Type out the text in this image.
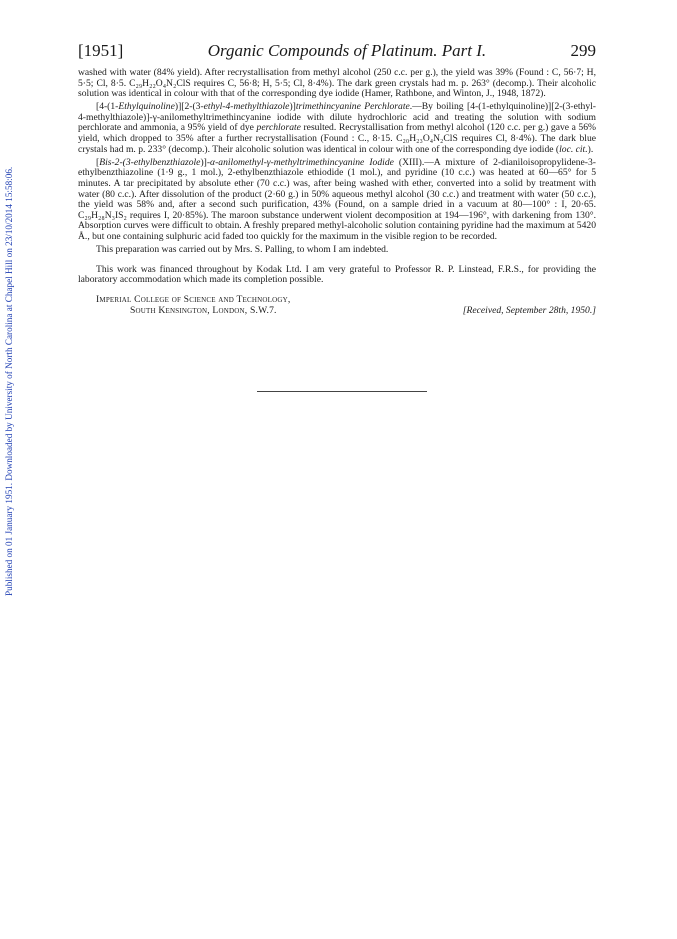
Published on 01 January 1951. Downloaded by University of North Carolina at Chapel Hill on 23/10/2014 15:58:06.
[1951]	Organic Compounds of Platinum. Part I.	299

washed with water (84% yield). After recrystallisation from methyl alcohol (250 c.c. per g.), the yield was 39% (Found : C, 56·7; H, 5·5; Cl, 8·5. C₂₉H₂₂O₄N₂ClS requires C, 56·8; H, 5·5; Cl, 8·4%). The dark green crystals had m. p. 263° (decomp.). Their alcoholic solution was identical in colour with that of the corresponding dye iodide (Hamer, Rathbone, and Winton, J., 1948, 1872).

[4-(1-Ethylquinoline)][2-(3-ethyl-4-methylthiazole)]trimethincyanine Perchlorate.—By boiling [4-(1-ethylquinoline)][2-(3-ethyl-4-methylthiazole)]-γ-anilomethyltrimethincyanine iodide with dilute hydrochloric acid and treating the solution with sodium perchlorate and ammonia, a 95% yield of dye perchlorate resulted. Recrystallisation from methyl alcohol (120 c.c. per g.) gave a 56% yield, which dropped to 35% after a further recrystallisation (Found : C., 8·15. C₂₀H₂₃O₄N₂ClS requires Cl, 8·4%). The dark blue crystals had m. p. 233° (decomp.). Their alcoholic solution was identical in colour with one of the corresponding dye iodide (loc. cit.).

[Bis-2-(3-ethylbenzthiazole)]-α-anilomethyl-γ-methyltrimethincyanine Iodide (XIII).—A mixture of 2-dianiloisopropylidene-3-ethylbenzthiazoline (1·9 g., 1 mol.), 2-ethylbenzthiazole ethiodide (1 mol.), and pyridine (10 c.c.) was heated at 60—65° for 5 minutes. A tar precipitated by absolute ether (70 c.c.) was, after being washed with ether, converted into a solid by treatment with water (80 c.c.). After dissolution of the product (2·60 g.) in 50% aqueous methyl alcohol (30 c.c.) and treatment with water (50 c.c.), the yield was 58% and, after a second such purification, 43% (Found, on a sample dried in a vacuum at 80—100° : I, 20·65. C₂₉H₂₈N₃IS₂ requires I, 20·85%). The maroon substance underwent violent decomposition at 194—196°, with darkening from 130°. Absorption curves were difficult to obtain. A freshly prepared methyl-alcoholic solution containing pyridine had the maximum at 5420 Å., but one containing sulphuric acid faded too quickly for the maximum in the visible region to be recorded.

This preparation was carried out by Mrs. S. Palling, to whom I am indebted.

This work was financed throughout by Kodak Ltd. I am very grateful to Professor R. P. Linstead, F.R.S., for providing the laboratory accommodation which made its completion possible.

Imperial College of Science and Technology,
South Kensington, London, S.W.7.	[Received, September 28th, 1950.]
